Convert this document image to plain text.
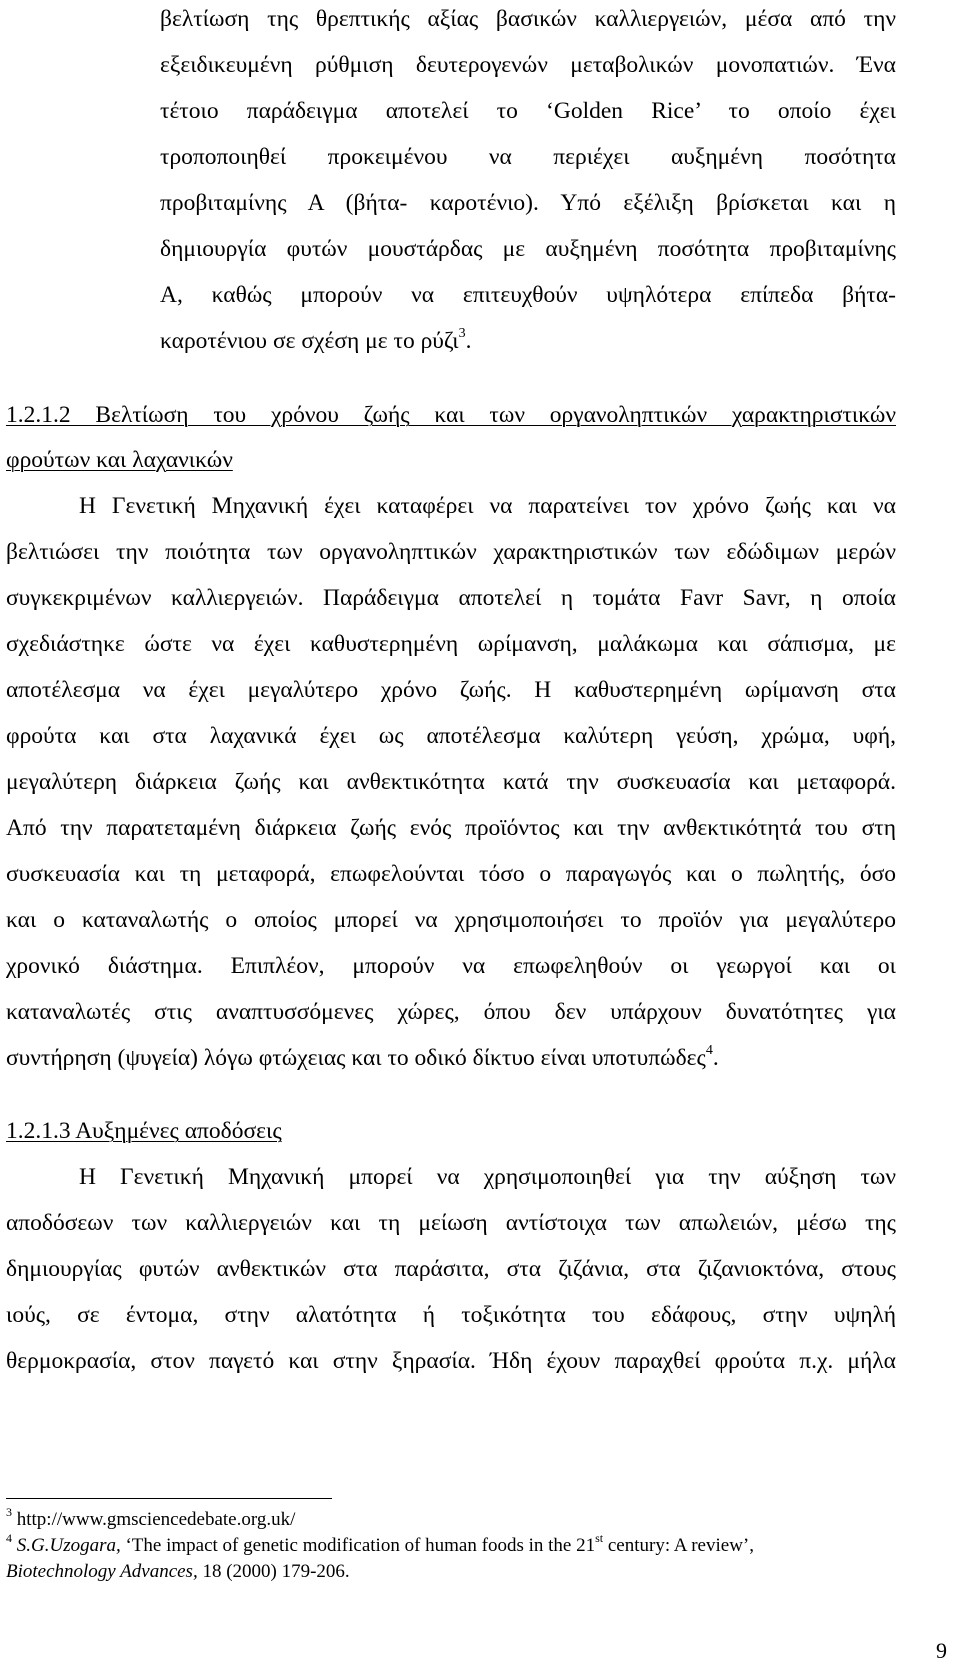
βελτίωση της θρεπτικής αξίας βασικών καλλιεργειών, μέσα από την
εξειδικευμένη ρύθμιση δευτερογενών μεταβολικών μονοπατιών. Ένα
τέτοιο παράδειγμα αποτελεί το ‘Golden Rice’ το οποίο έχει
τροποποιηθεί προκειμένου να περιέχει αυξημένη ποσότητα
προβιταμίνης Α (βήτα- καροτένιο). Υπό εξέλιξη βρίσκεται και η
δημιουργία φυτών μουστάρδας με αυξημένη ποσότητα προβιταμίνης
Α, καθώς μπορούν να επιτευχθούν υψηλότερα επίπεδα βήτα-
καροτένιου σε σχέση με το ρύζι$^3$.
1.2.1.2 Βελτίωση του χρόνου ζωής και των οργανοληπτικών χαρακτηριστικών
φρούτων και λαχανικών
Η Γενετική Μηχανική έχει καταφέρει να παρατείνει τον χρόνο ζωής και να
βελτιώσει την ποιότητα των οργανοληπτικών χαρακτηριστικών των εδώδιμων μερών
συγκεκριμένων καλλιεργειών. Παράδειγμα αποτελεί η τομάτα Favr Savr, η οποία
σχεδιάστηκε ώστε να έχει καθυστερημένη ωρίμανση, μαλάκωμα και σάπισμα, με
αποτέλεσμα να έχει μεγαλύτερο χρόνο ζωής. Η καθυστερημένη ωρίμανση στα
φρούτα και στα λαχανικά έχει ως αποτέλεσμα καλύτερη γεύση, χρώμα, υφή,
μεγαλύτερη διάρκεια ζωής και ανθεκτικότητα κατά την συσκευασία και μεταφορά.
Από την παρατεταμένη διάρκεια ζωής ενός προϊόντος και την ανθεκτικότητά του στη
συσκευασία και τη μεταφορά, επωφελούνται τόσο ο παραγωγός και ο πωλητής, όσο
και ο καταναλωτής ο οποίος μπορεί να χρησιμοποιήσει το προϊόν για μεγαλύτερο
χρονικό διάστημα. Επιπλέον, μπορούν να επωφεληθούν οι γεωργοί και οι
καταναλωτές στις αναπτυσσόμενες χώρες, όπου δεν υπάρχουν δυνατότητες για
συντήρηση (ψυγεία) λόγω φτώχειας και το οδικό δίκτυο είναι υποτυπώδες$^4$.
1.2.1.3 Αυξημένες αποδόσεις
Η Γενετική Μηχανική μπορεί να χρησιμοποιηθεί για την αύξηση των
αποδόσεων των καλλιεργειών και τη μείωση αντίστοιχα των απωλειών, μέσω της
δημιουργίας φυτών ανθεκτικών στα παράσιτα, στα ζιζάνια, στα ζιζανιοκτόνα, στους
ιούς, σε έντομα, στην αλατότητα ή τοξικότητα του εδάφους, στην υψηλή
θερμοκρασία, στον παγετό και στην ξηρασία. Ήδη έχουν παραχθεί φρούτα π.χ. μήλα
$^3$ http://www.gmsciencedebate.org.uk/
$^4$ S.G.Uzogara, ‘The impact of genetic modification of human foods in the 21st century: A review’,
Biotechnology Advances, 18 (2000) 179-206.
9
